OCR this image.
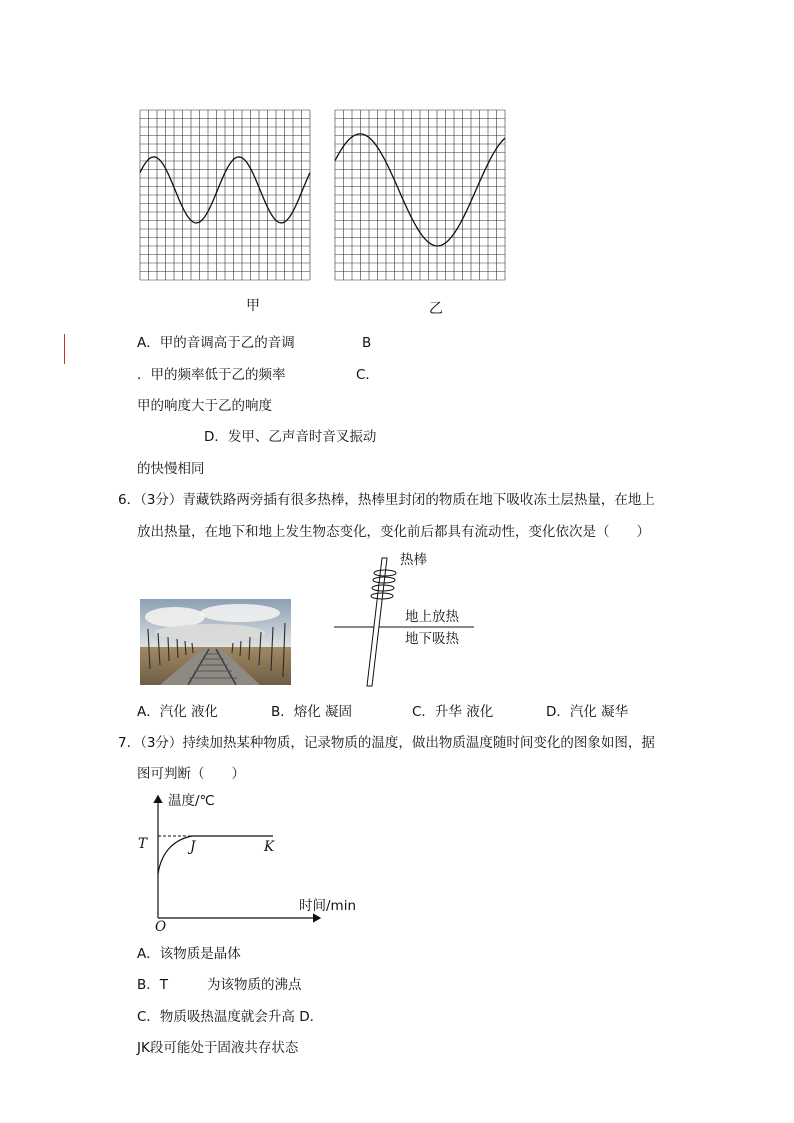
甲	乙
A．甲的音调高于乙的音调	B
．甲的频率低于乙的频率	C．
甲的响度大于乙的响度
D．发甲、乙声音时音叉振动
的快慢相同
6．（3分）青藏铁路两旁插有很多热棒，热棒里封闭的物质在地下吸收冻土层热量，在地上
放出热量，在地下和地上发生物态变化，变化前后都具有流动性，变化依次是（　　）
热棒
地上放热
地下吸热
A．汽化 液化	B．熔化 凝固	C．升华 液化	D．汽化 凝华
7．（3分）持续加热某种物质，记录物质的温度，做出物质温度随时间变化的图象如图，据
图可判断（　　）
温度/℃
时间/min
O
T	J	K
A．该物质是晶体
B．T	为该物质的沸点
C．物质吸热温度就会升高 D．
JK段可能处于固液共存状态
